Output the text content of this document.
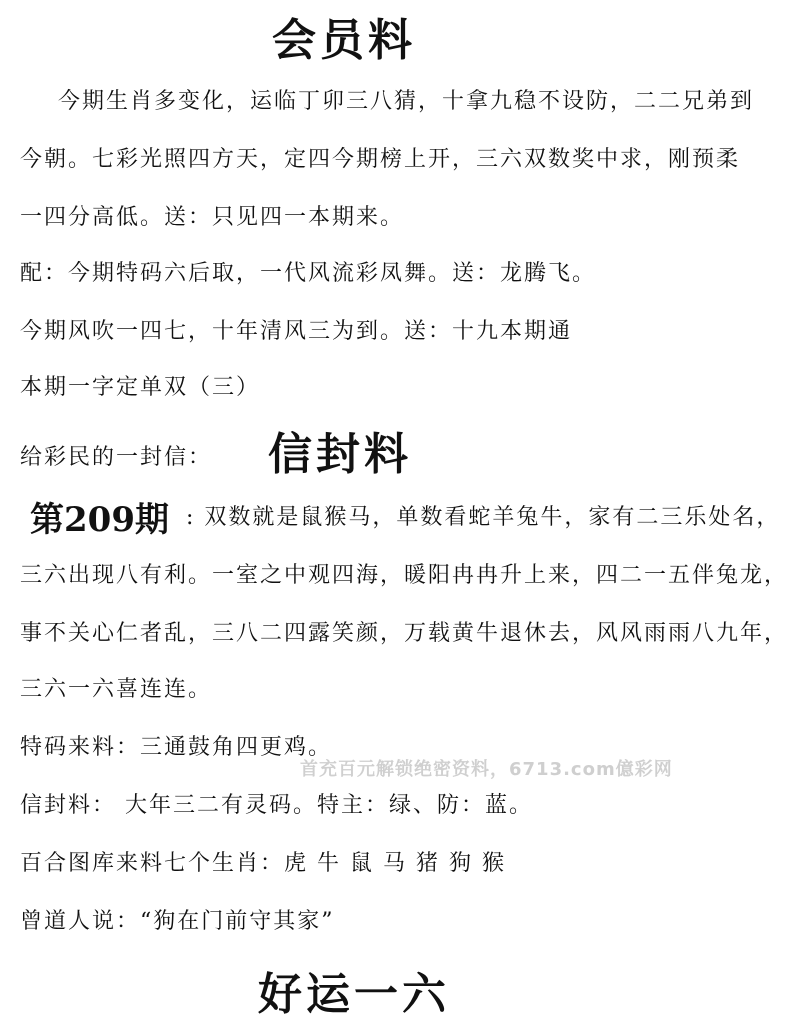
会员料
今期生肖多变化，运临丁卯三八猜，十拿九稳不设防，二二兄弟到
今朝。七彩光照四方天，定四今期榜上开，三六双数奖中求，刚预柔
一四分高低。送：只见四一本期来。
配：今期特码六后取，一代风流彩凤舞。送：龙腾飞。
今期风吹一四七，十年清风三为到。送：十九本期通
本期一字定单双（三）
给彩民的一封信： 信封料
第209期 : 双数就是鼠猴马，单数看蛇羊兔牛，家有二三乐处名，
三六出现八有利。一室之中观四海，暖阳冉冉升上来，四二一五伴兔龙，
事不关心仁者乱，三八二四露笑颜，万载黄牛退休去，风风雨雨八九年，
三六一六喜连连。
特码来料：三通鼓角四更鸡。
首充百元解锁绝密资料，6713.com億彩网
信封料： 大年三二有灵码。特主：绿、防：蓝。
百合图库来料七个生肖：虎 牛 鼠 马 猪 狗 猴
曾道人说：“狗在门前守其家”
好运一六
